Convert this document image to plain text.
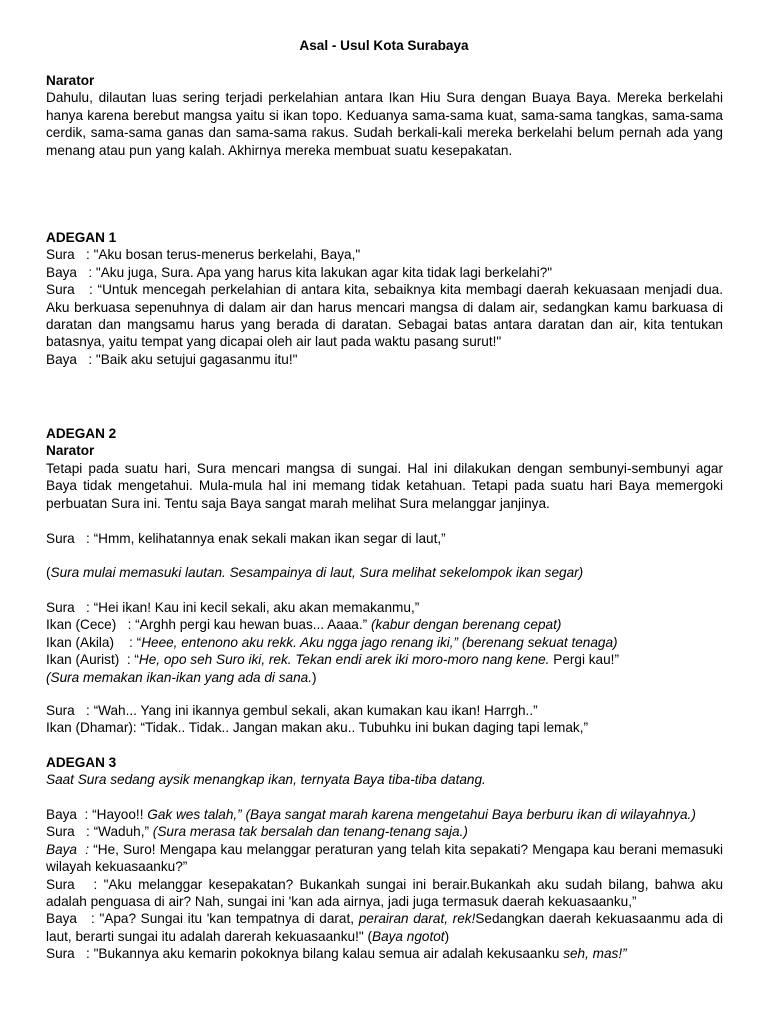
Asal - Usul Kota Surabaya

Narator

Dahulu, dilautan luas sering terjadi perkelahian antara Ikan Hiu Sura dengan Buaya Baya. Mereka berkelahi hanya karena berebut mangsa yaitu si ikan topo. Keduanya sama-sama kuat, sama-sama tangkas, sama-sama cerdik, sama-sama ganas dan sama-sama rakus. Sudah berkali-kali mereka berkelahi belum pernah ada yang menang atau pun yang kalah. Akhirnya mereka membuat suatu kesepakatan.

ADEGAN 1

Sura   : "Aku bosan terus-menerus berkelahi, Baya,"

Baya   : "Aku juga, Sura. Apa yang harus kita lakukan agar kita tidak lagi berkelahi?"

Sura   : “Untuk mencegah perkelahian di antara kita, sebaiknya kita membagi daerah kekuasaan menjadi dua. Aku berkuasa sepenuhnya di dalam air dan harus mencari mangsa di dalam air, sedangkan kamu barkuasa di daratan dan mangsamu harus yang berada di daratan. Sebagai batas antara daratan dan air, kita tentukan batasnya, yaitu tempat yang dicapai oleh air laut pada waktu pasang surut!"

Baya   : "Baik aku setujui gagasanmu itu!"

ADEGAN 2

Narator

Tetapi pada suatu hari, Sura mencari mangsa di sungai. Hal ini dilakukan dengan sembunyi-sembunyi agar Baya tidak mengetahui. Mula-mula hal ini memang tidak ketahuan. Tetapi pada suatu hari Baya memergoki perbuatan Sura ini. Tentu saja Baya sangat marah melihat Sura melanggar janjinya.

Sura   : “Hmm, kelihatannya enak sekali makan ikan segar di laut,”

(Sura mulai memasuki lautan. Sesampainya di laut, Sura melihat sekelompok ikan segar)

Sura   : “Hei ikan! Kau ini kecil sekali, aku akan memakanmu,”

Ikan (Cece)   : “Arghh pergi kau hewan buas... Aaaa.” (kabur dengan berenang cepat)

Ikan (Akila)    : “Heee, entenono aku rekk. Aku ngga jago renang iki,” (berenang sekuat tenaga)

Ikan (Aurist)  : “He, opo seh Suro iki, rek. Tekan endi arek iki moro-moro nang kene. Pergi kau!”

(Sura memakan ikan-ikan yang ada di sana.)

Sura   : “Wah... Yang ini ikannya gembul sekali, akan kumakan kau ikan! Harrgh..”

Ikan (Dhamar): “Tidak.. Tidak.. Jangan makan aku.. Tubuhku ini bukan daging tapi lemak,”

ADEGAN 3

Saat Sura sedang aysik menangkap ikan, ternyata Baya tiba-tiba datang.

Baya  : “Hayoo!! Gak wes talah,” (Baya sangat marah karena mengetahui Baya berburu ikan di wilayahnya.)

Sura   : “Waduh,” (Sura merasa tak bersalah dan tenang-tenang saja.)

Baya  : “He, Suro! Mengapa kau melanggar peraturan yang telah kita sepakati? Mengapa kau berani memasuki wilayah kekuasaanku?”

Sura   : "Aku melanggar kesepakatan? Bukankah sungai ini berair.Bukankah aku sudah bilang, bahwa aku adalah penguasa di air? Nah, sungai ini 'kan ada airnya, jadi juga termasuk daerah kekuasaanku,”

Baya   : "Apa? Sungai itu 'kan tempatnya di darat, perairan darat, rek!Sedangkan daerah kekuasaanmu ada di laut, berarti sungai itu adalah darerah kekuasaanku!" (Baya ngotot)

Sura   : "Bukannya aku kemarin pokoknya bilang kalau semua air adalah kekusaanku seh, mas!”
